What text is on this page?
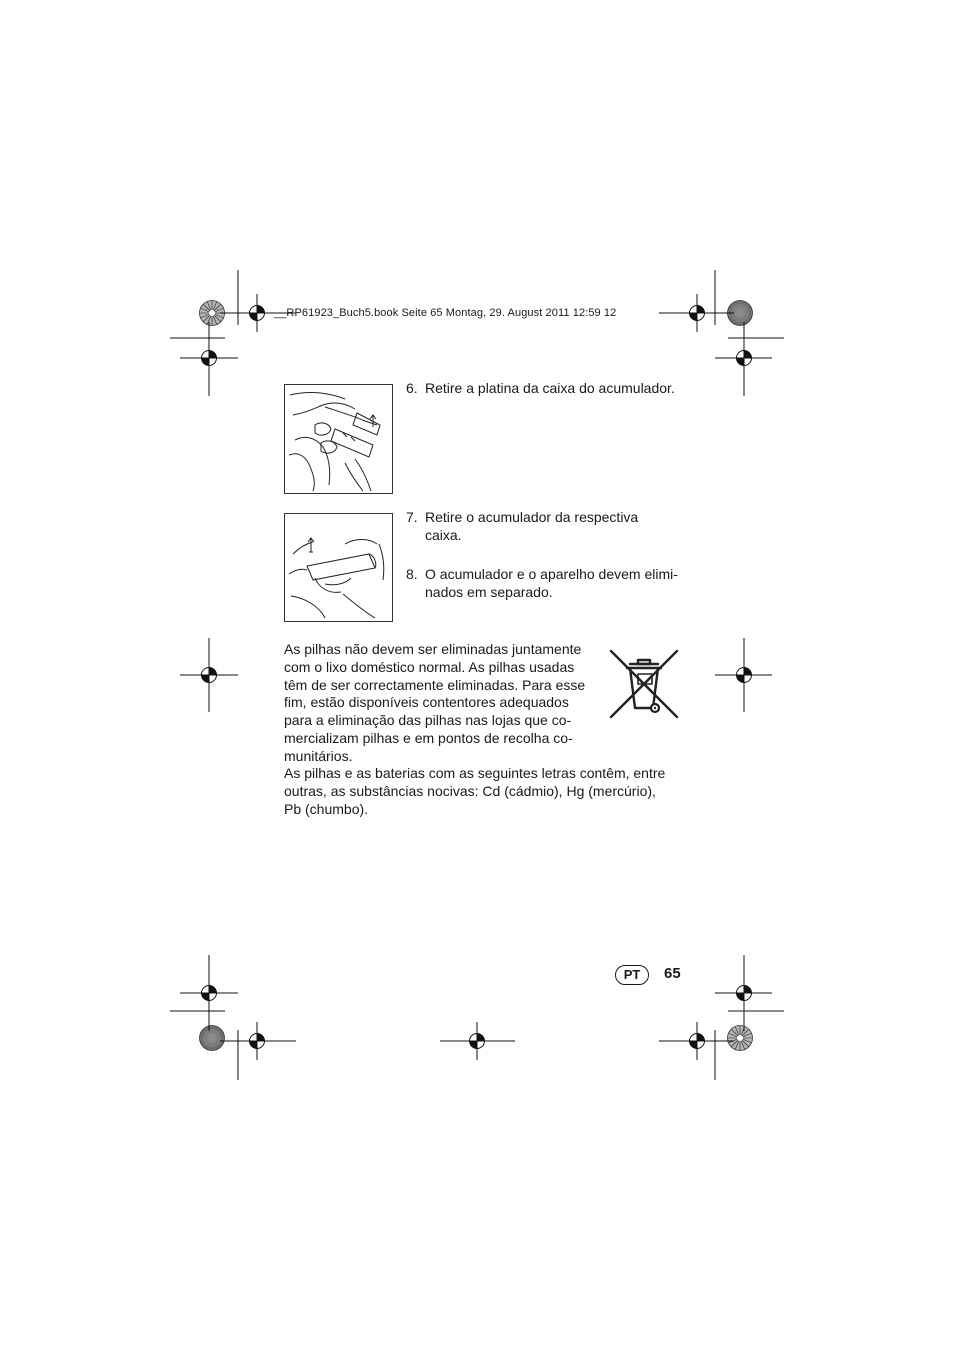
__RP61923_Buch5.book Seite 65 Montag, 29. August 2011 12:59 12
6. Retire a platina da caixa do acumulador.
7. Retire o acumulador da respectiva
caixa.
8. O acumulador e o aparelho devem elimi-
nados em separado.
As pilhas não devem ser eliminadas juntamente
com o lixo doméstico normal. As pilhas usadas
têm de ser correctamente eliminadas. Para esse
fim, estão disponíveis contentores adequados
para a eliminação das pilhas nas lojas que co-
mercializam pilhas e em pontos de recolha co-
munitários.
As pilhas e as baterias com as seguintes letras contêm, entre
outras, as substâncias nocivas: Cd (cádmio), Hg (mercúrio),
Pb (chumbo).
PT	65
